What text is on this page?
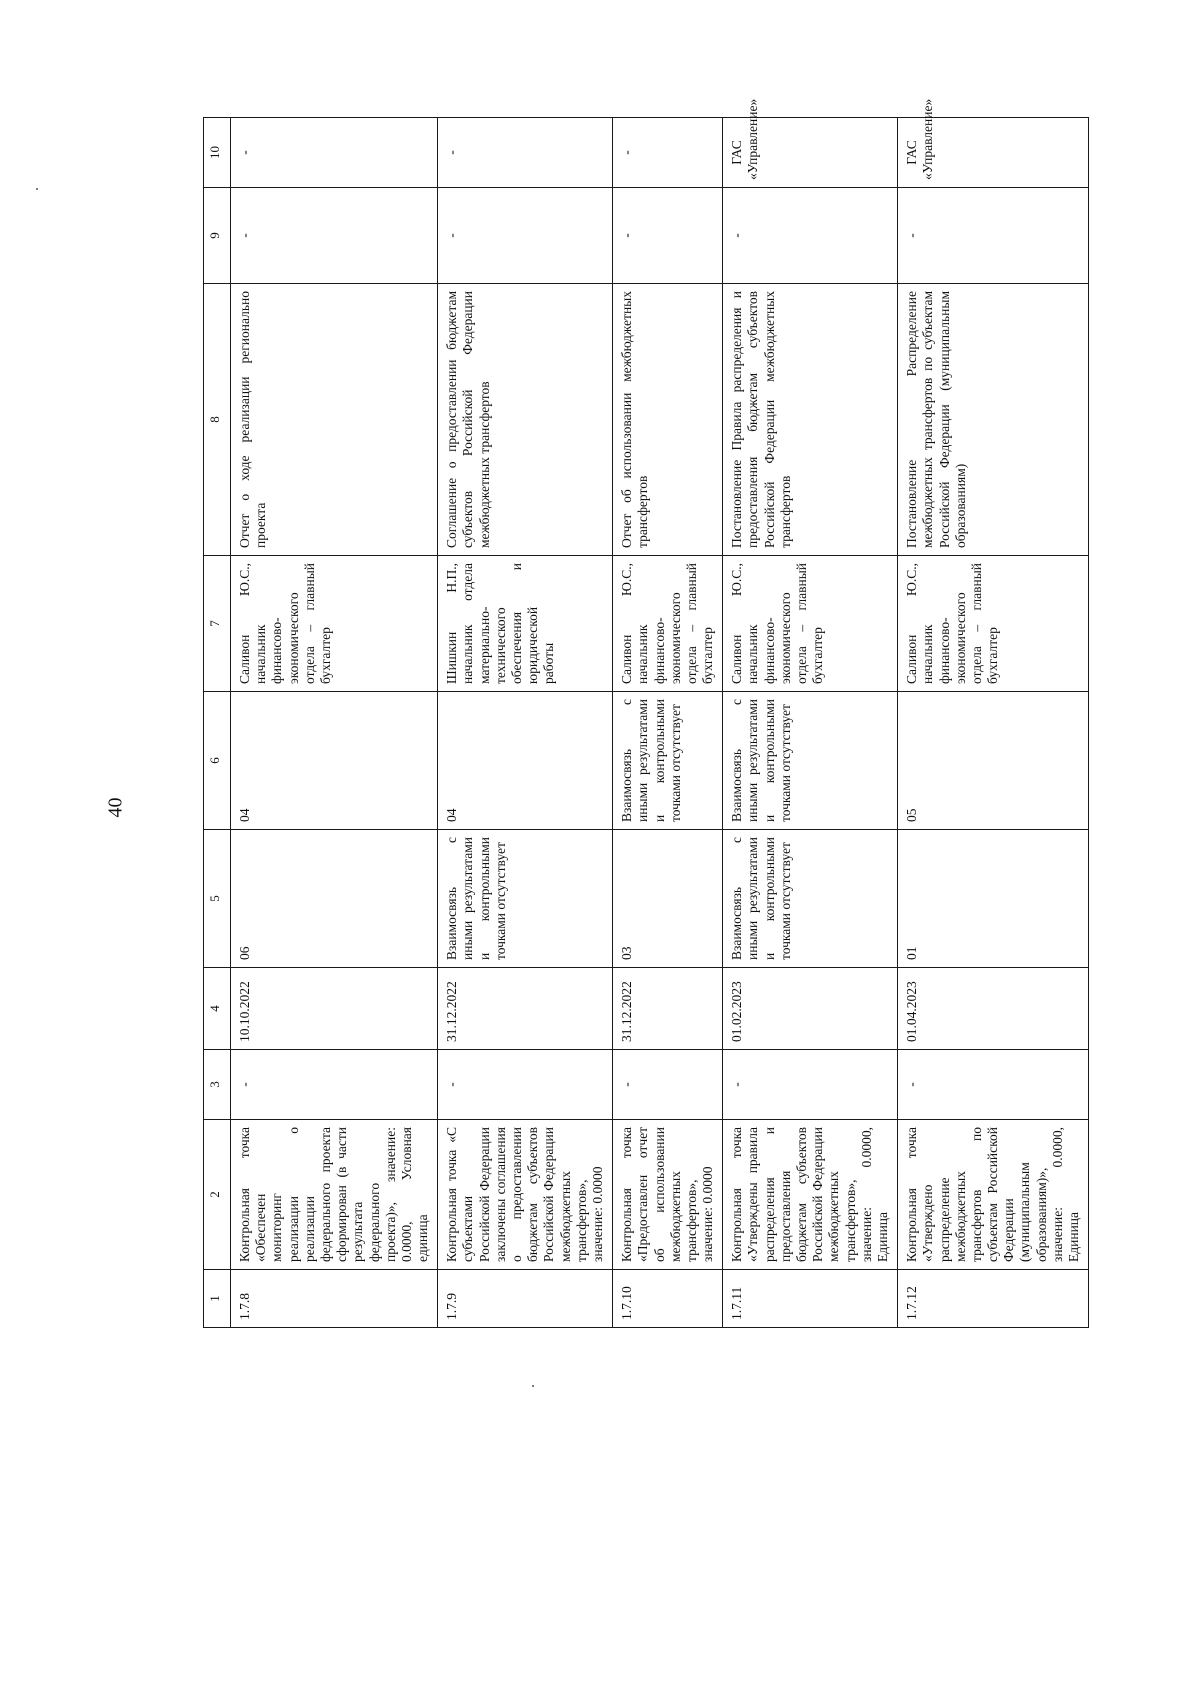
40
1	2	3	4	5	6	7	8	9	10
1.7.8	Контрольная точка «Обеспечен мониторинг реализации о реализации федерального проекта сформирован (в части результата федерального проекта)», значение: 0.0000, Условная единица	-	10.10.2022	06	04	Саливон Ю.С., начальник финансово-экономического отдела – главный бухгалтер	Отчет о ходе реализации регионально проекта	-	-
1.7.9	Контрольная точка «С субъектами Российской Федерации заключены соглашения о предоставлении бюджетам субъектов Российской Федерации межбюджетных трансфертов», значение: 0.0000	-	31.12.2022	Взаимосвязь с иными результатами и контрольными точками отсутствует	04	Шишкин Н.П., начальник отдела материально-технического обеспечения и юридической работы	Соглашение о предоставлении бюджетам субъектов Российской Федерации межбюджетных трансфертов	-	-
1.7.10	Контрольная точка «Предоставлен отчет об использовании межбюджетных трансфертов», значение: 0.0000	-	31.12.2022	03	Взаимосвязь с иными результатами и контрольными точками отсутствует	Саливон Ю.С., начальник финансово-экономического отдела – главный бухгалтер	Отчет об использовании межбюджетных трансфертов	-	-
1.7.11	Контрольная точка «Утверждены правила распределения и предоставления бюджетам субъектов Российской Федерации межбюджетных трансфертов», значение: 0.0000, Единица	-	01.02.2023	Взаимосвязь с иными результатами и контрольными точками отсутствует	Взаимосвязь с иными результатами и контрольными точками отсутствует	Саливон Ю.С., начальник финансово-экономического отдела – главный бухгалтер	Постановление Правила распределения и предоставления бюджетам субъектов Российской Федерации межбюджетных трансфертов	-	ГАС «Управление»
1.7.12	Контрольная точка «Утверждено распределение межбюджетных трансфертов по субъектам Российской Федерации (муниципальным образованиям)», значение: 0.0000, Единица	-	01.04.2023	01	05	Саливон Ю.С., начальник финансово-экономического отдела – главный бухгалтер	Постановление Распределение межбюджетных трансфертов по субъектам Российской Федерации (муниципальным образованиям)	-	ГАС «Управление»
